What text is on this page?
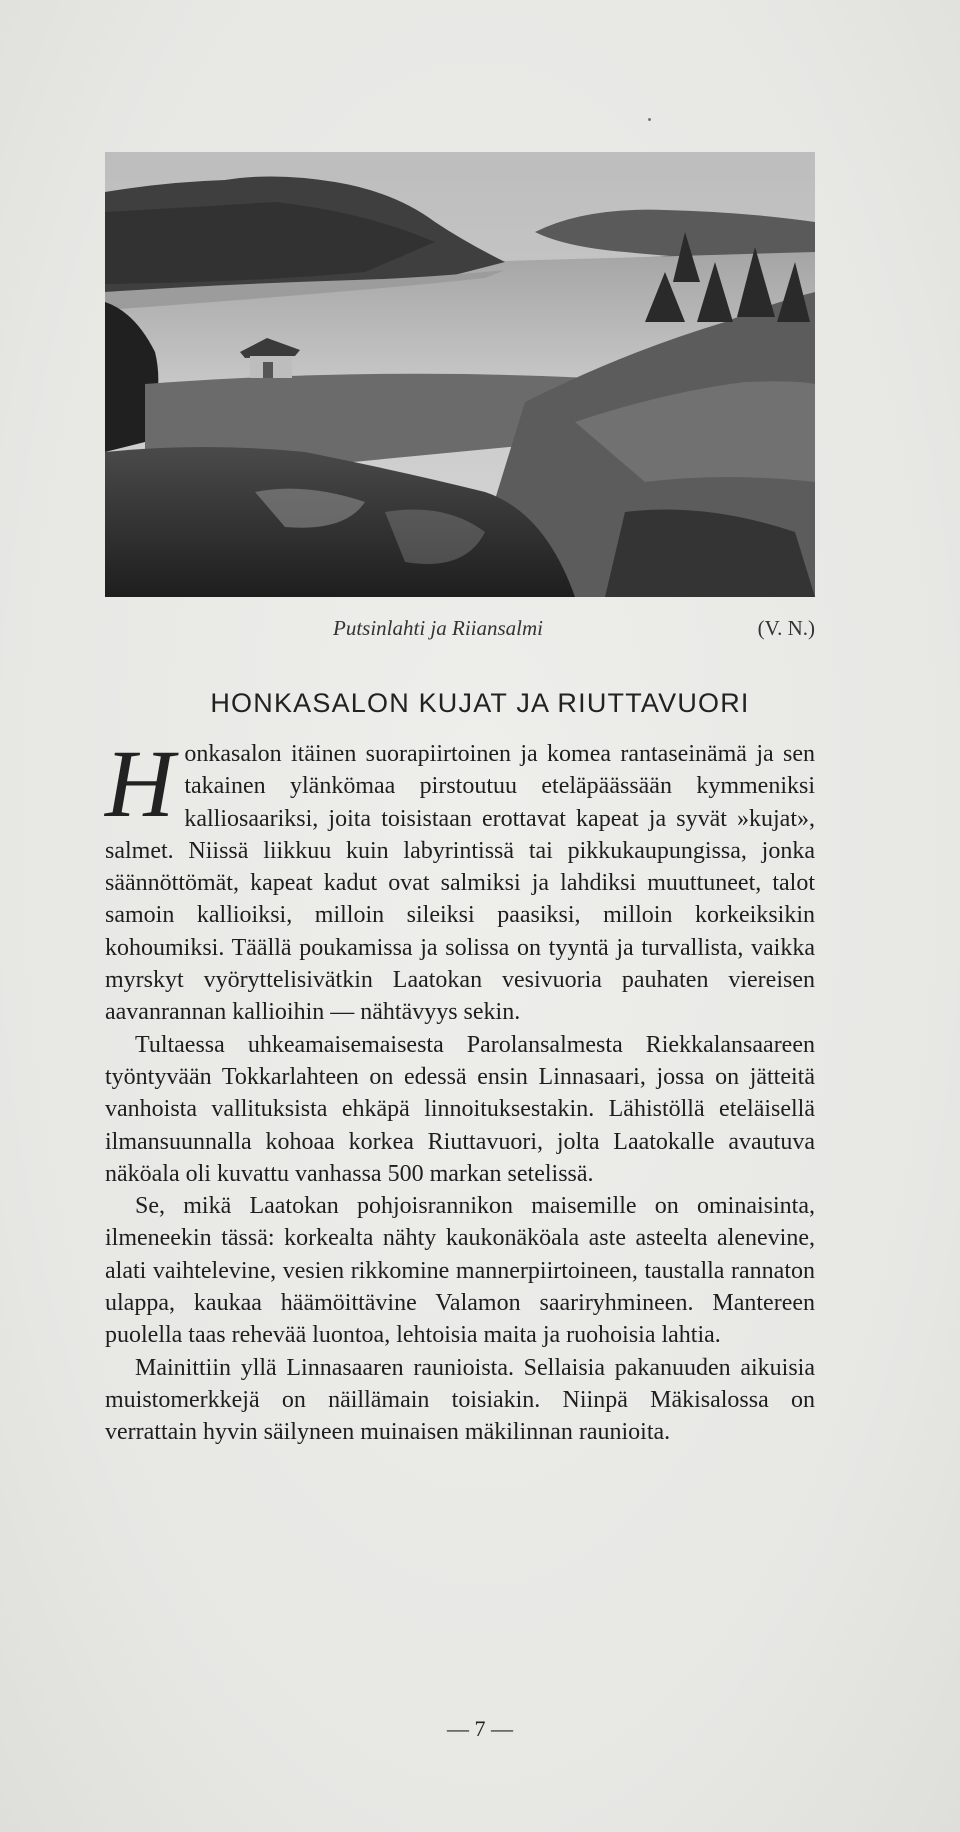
Putsinlahti ja Riiansalmi	(V. N.)
HONKASALON KUJAT JA RIUTTAVUORI

Honkasalon itäinen suorapiirtoinen ja komea rantaseinämä ja sen takainen ylänkömaa pirstoutuu eteläpäässään kymmeniksi kalliosaariksi, joita toisistaan erottavat kapeat ja syvät »kujat», salmet. Niissä liikkuu kuin labyrintissä tai pikkukaupungissa, jonka säännöttömät, kapeat kadut ovat salmiksi ja lahdiksi muuttuneet, talot samoin kallioiksi, milloin sileiksi paasiksi, milloin korkeiksikin kohoumiksi. Täällä poukamissa ja solissa on tyyntä ja turvallista, vaikka myrskyt vyöryttelisivätkin Laatokan vesivuoria pauhaten viereisen aavanrannan kallioihin — nähtävyys sekin.

Tultaessa uhkeamaisemaisesta Parolansalmesta Riekkalansaareen työntyvään Tokkarlahteen on edessä ensin Linnasaari, jossa on jätteitä vanhoista vallituksista ehkäpä linnoituksestakin. Lähistöllä eteläisellä ilmansuunnalla kohoaa korkea Riuttavuori, jolta Laatokalle avautuva näköala oli kuvattu vanhassa 500 markan setelissä.

Se, mikä Laatokan pohjoisrannikon maisemille on ominaisinta, ilmeneekin tässä: korkealta nähty kaukonäköala aste asteelta alenevine, alati vaihtelevine, vesien rikkomine mannerpiirtoineen, taustalla rannaton ulappa, kaukaa häämöittävine Valamon saariryhmineen. Mantereen puolella taas rehevää luontoa, lehtoisia maita ja ruohoisia lahtia.

Mainittiin yllä Linnasaaren raunioista. Sellaisia pakanuuden aikuisia muistomerkkejä on näillämain toisiakin. Niinpä Mäkisalossa on verrattain hyvin säilyneen muinaisen mäkilinnan raunioita.

— 7 —
